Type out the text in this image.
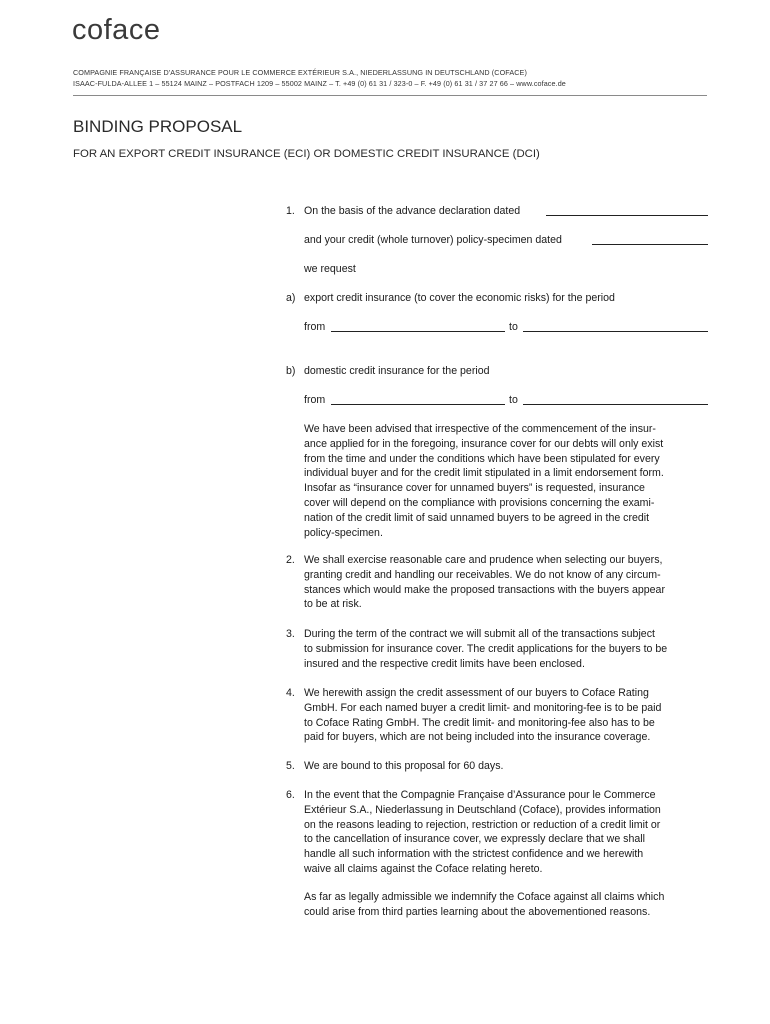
coface
COMPAGNIE FRANÇAISE D'ASSURANCE POUR LE COMMERCE EXTÉRIEUR S.A., NIEDERLASSUNG IN DEUTSCHLAND (COFACE)
ISAAC-FULDA-ALLEE 1 – 55124 MAINZ – POSTFACH 1209 – 55002 MAINZ – T. +49 (0) 61 31 / 323-0 – F. +49 (0) 61 31 / 37 27 66 – www.coface.de
BINDING PROPOSAL
FOR AN EXPORT CREDIT INSURANCE (ECI) OR DOMESTIC CREDIT INSURANCE (DCI)
1. On the basis of the advance declaration dated
and your credit (whole turnover) policy-specimen dated
we request
a) export credit insurance (to cover the economic risks) for the period
from	to
b) domestic credit insurance for the period
from	to
We have been advised that irrespective of the commencement of the insur-
ance applied for in the foregoing, insurance cover for our debts will only exist
from the time and under the conditions which have been stipulated for every
individual buyer and for the credit limit stipulated in a limit endorsement form.
Insofar as “insurance cover for unnamed buyers” is requested, insurance
cover will depend on the compliance with provisions concerning the exami-
nation of the credit limit of said unnamed buyers to be agreed in the credit
policy-specimen.
2. We shall exercise reasonable care and prudence when selecting our buyers,
granting credit and handling our receivables. We do not know of any circum-
stances which would make the proposed transactions with the buyers appear
to be at risk.
3. During the term of the contract we will submit all of the transactions subject
to submission for insurance cover. The credit applications for the buyers to be
insured and the respective credit limits have been enclosed.
4. We herewith assign the credit assessment of our buyers to Coface Rating
GmbH. For each named buyer a credit limit- and monitoring-fee is to be paid
to Coface Rating GmbH. The credit limit- and monitoring-fee also has to be
paid for buyers, which are not being included into the insurance coverage.
5. We are bound to this proposal for 60 days.
6. In the event that the Compagnie Française d’Assurance pour le Commerce
Extérieur S.A., Niederlassung in Deutschland (Coface), provides information
on the reasons leading to rejection, restriction or reduction of a credit limit or
to the cancellation of insurance cover, we expressly declare that we shall
handle all such information with the strictest confidence and we herewith
waive all claims against the Coface relating hereto.
As far as legally admissible we indemnify the Coface against all claims which
could arise from third parties learning about the abovementioned reasons.
